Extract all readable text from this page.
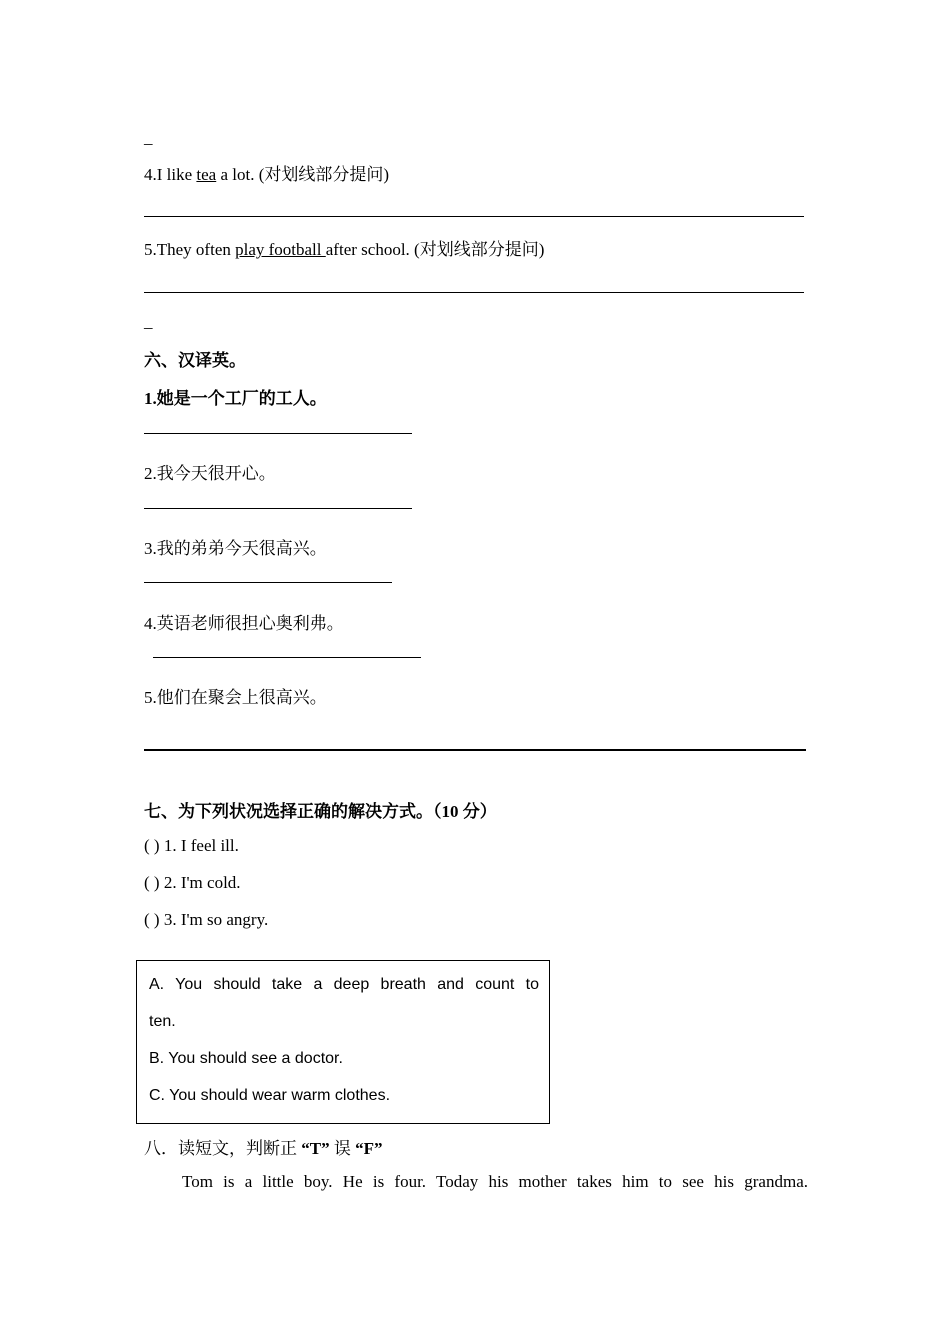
_
4.I like tea a lot. (对划线部分提问)
5.They often play football after school. (对划线部分提问)
_
六、汉译英。
1.她是一个工厂的工人。
2.我今天很开心。
3.我的弟弟今天很高兴。
4.英语老师很担心奥利弗。
5.他们在聚会上很高兴。
七、为下列状况选择正确的解决方式。（10 分）
( ) 1. I feel ill.
( ) 2. I'm cold.
( ) 3. I'm so angry.
A. You should take a deep breath and count to
ten.
B. You should see a doctor.
C. You should wear warm clothes.
八．读短文，判断正 “T” 误 “F”
Tom is a little boy. He is four. Today his mother takes him to see his grandma.
